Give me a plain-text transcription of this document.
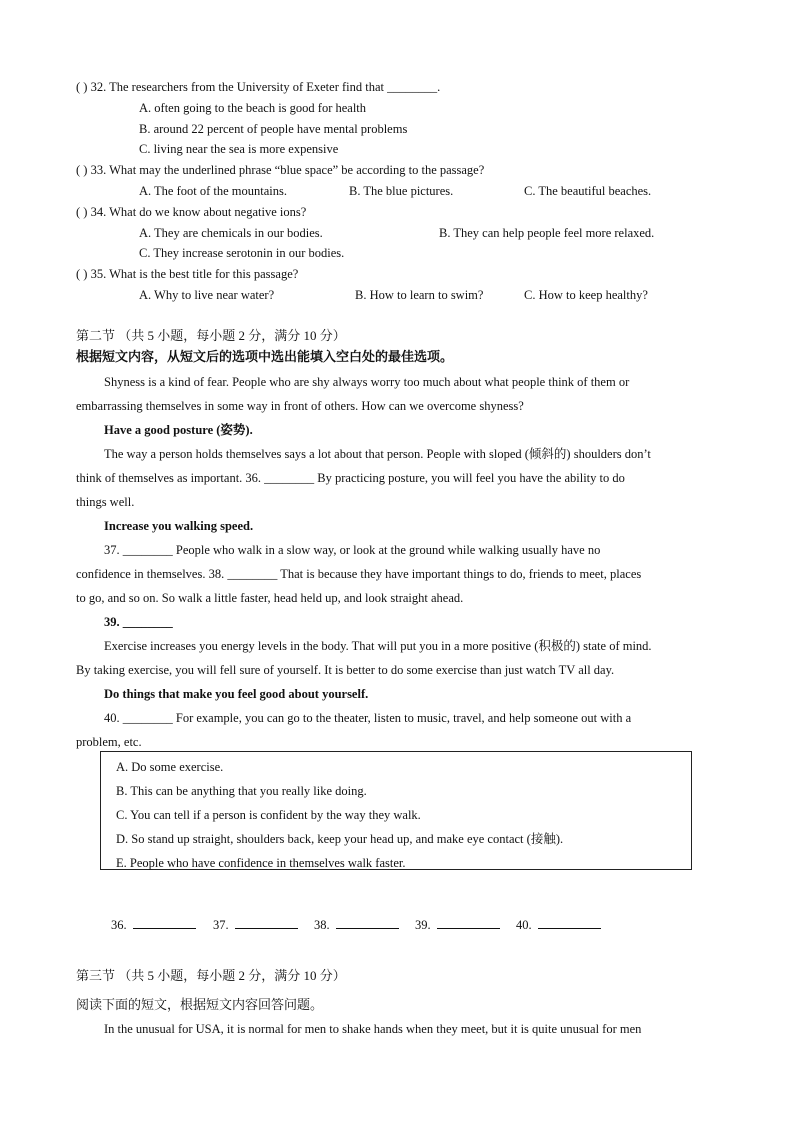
( ) 32. The researchers from the University of Exeter find that ________.
A. often going to the beach is good for health
B. around 22 percent of people have mental problems
C. living near the sea is more expensive
( ) 33. What may the underlined phrase “blue space” be according to the passage?
A. The foot of the mountains.	B. The blue pictures.	C. The beautiful beaches.
( ) 34. What do we know about negative ions?
A. They are chemicals in our bodies.	B. They can help people feel more relaxed.
C. They increase serotonin in our bodies.
( ) 35. What is the best title for this passage?
A. Why to live near water?	B. How to learn to swim?	C. How to keep healthy?
第二节 （共 5 小题，每小题 2 分，满分 10 分）
根据短文内容，从短文后的选项中选出能填入空白处的最佳选项。
Shyness is a kind of fear. People who are shy always worry too much about what people think of them or
embarrassing themselves in some way in front of others. How can we overcome shyness?
Have a good posture (姿势).
The way a person holds themselves says a lot about that person. People with sloped (倾斜的) shoulders don’t
think of themselves as important. 36. ________ By practicing posture, you will feel you have the ability to do
things well.
Increase you walking speed.
37. ________ People who walk in a slow way, or look at the ground while walking usually have no
confidence in themselves. 38. ________ That is because they have important things to do, friends to meet, places
to go, and so on. So walk a little faster, head held up, and look straight ahead.
39. ________
Exercise increases you energy levels in the body. That will put you in a more positive (积极的) state of mind.
By taking exercise, you will fell sure of yourself. It is better to do some exercise than just watch TV all day.
Do things that make you feel good about yourself.
40. ________ For example, you can go to the theater, listen to music, travel, and help someone out with a
problem, etc.
A. Do some exercise.
B. This can be anything that you really like doing.
C. You can tell if a person is confident by the way they walk.
D. So stand up straight, shoulders back, keep your head up, and make eye contact (接触).
E. People who have confidence in themselves walk faster.
36.	37.	38.	39.	40.
第三节 （共 5 小题，每小题 2 分，满分 10 分）
阅读下面的短文，根据短文内容回答问题。
In the unusual for USA, it is normal for men to shake hands when they meet, but it is quite unusual for men
